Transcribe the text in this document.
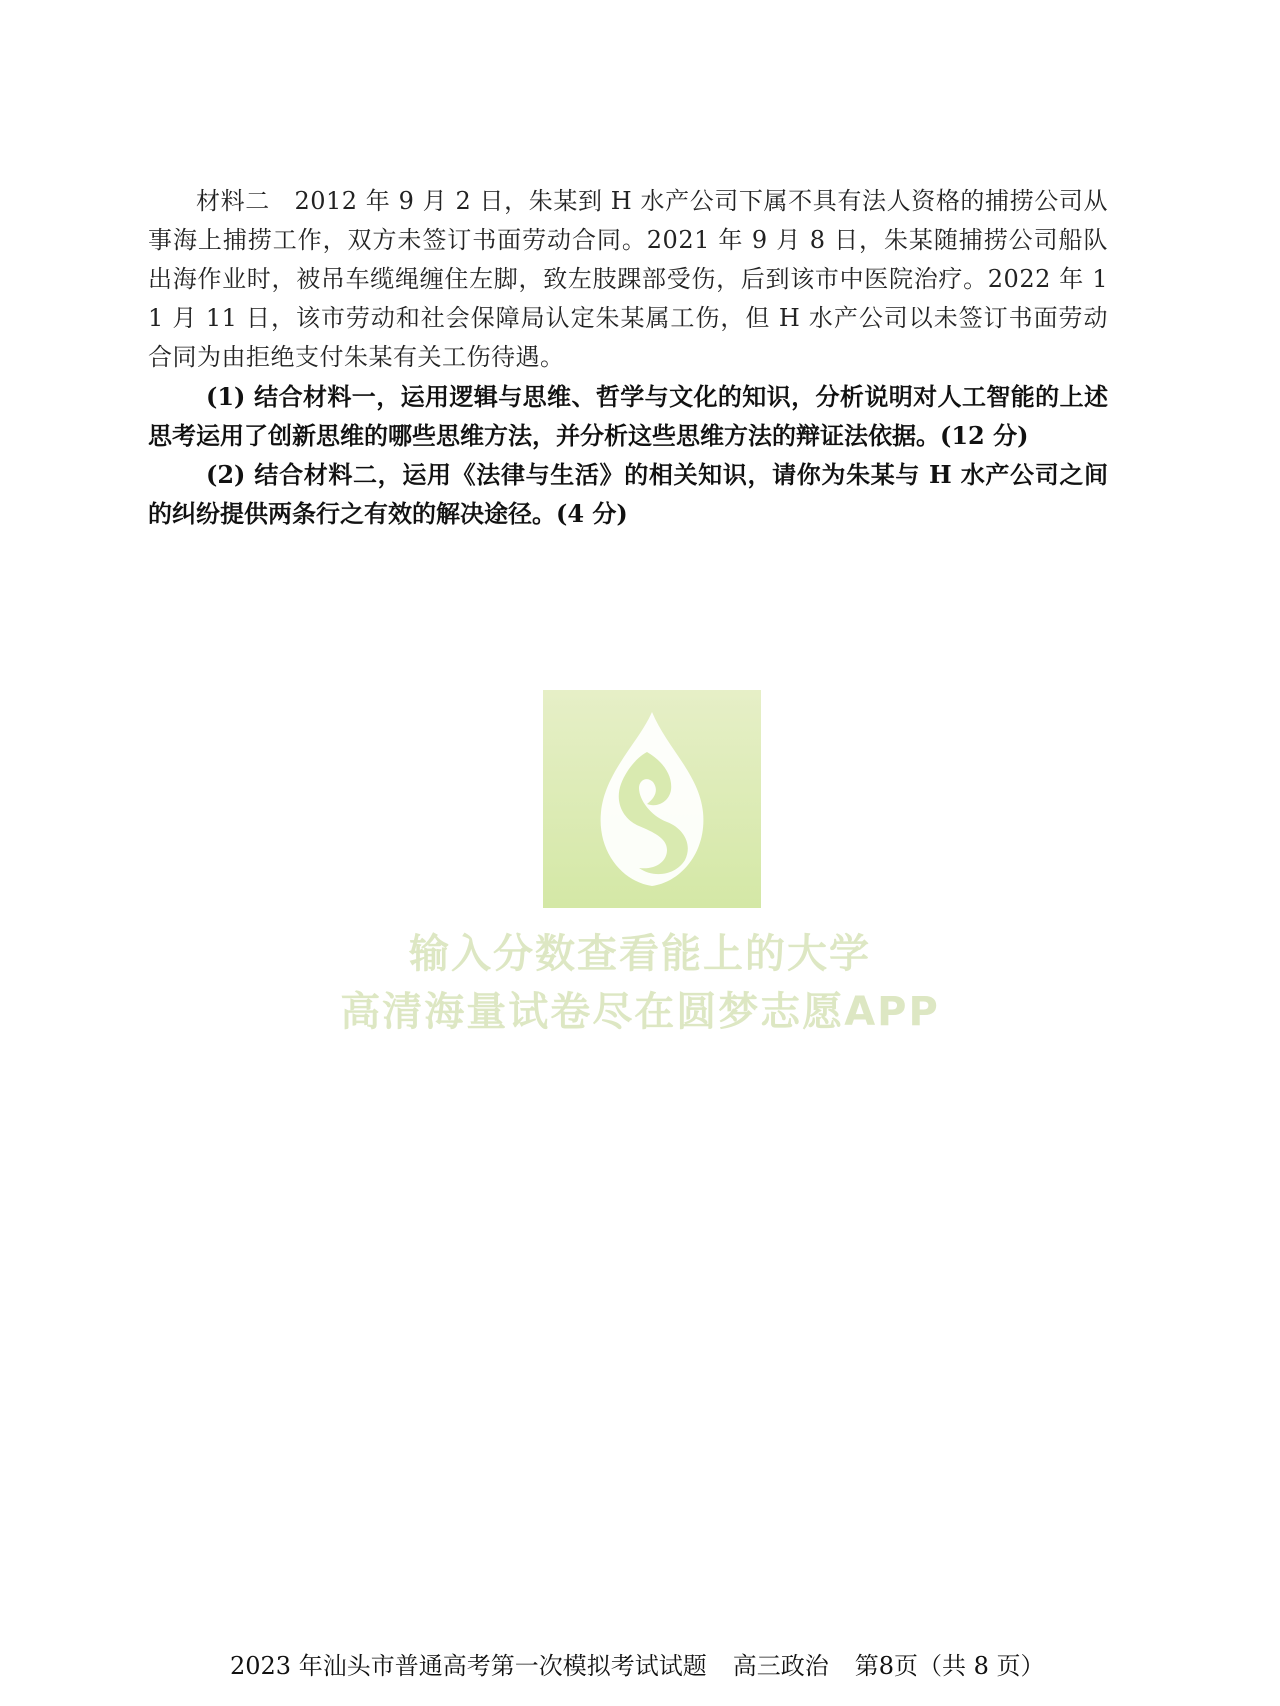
材料二　2012 年 9 月 2 日，朱某到 H 水产公司下属不具有法人资格的捕捞公司从事海上捕捞工作，双方未签订书面劳动合同。2021 年 9 月 8 日，朱某随捕捞公司船队出海作业时，被吊车缆绳缠住左脚，致左肢踝部受伤，后到该市中医院治疗。2022 年 11 月 11 日，该市劳动和社会保障局认定朱某属工伤，但 H 水产公司以未签订书面劳动合同为由拒绝支付朱某有关工伤待遇。

(1) 结合材料一，运用逻辑与思维、哲学与文化的知识，分析说明对人工智能的上述思考运用了创新思维的哪些思维方法，并分析这些思维方法的辩证法依据。(12 分)

(2) 结合材料二，运用《法律与生活》的相关知识，请你为朱某与 H 水产公司之间的纠纷提供两条行之有效的解决途径。(4 分)

输入分数查看能上的大学
高清海量试卷尽在圆梦志愿APP
2023 年汕头市普通高考第一次模拟考试试题 高三政治 第8页（共 8 页）
